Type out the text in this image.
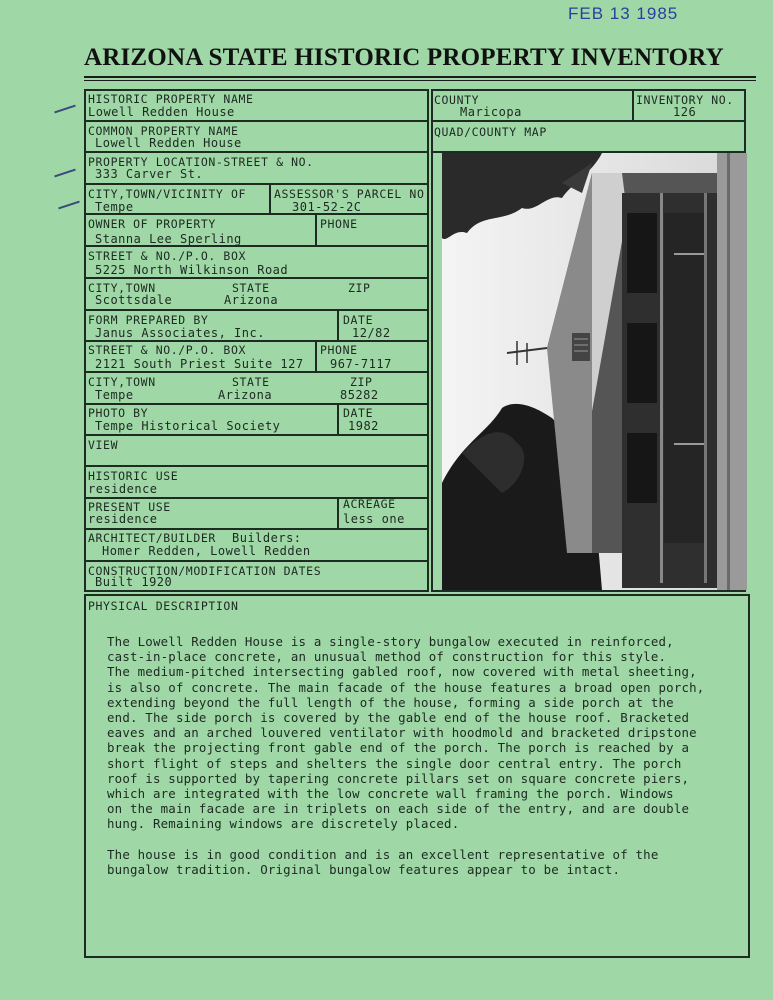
FEB 13 1985
ARIZONA STATE HISTORIC PROPERTY INVENTORY
HISTORIC PROPERTY NAME
Lowell Redden House
COMMON PROPERTY NAME
Lowell Redden House
PROPERTY LOCATION-STREET & NO.
333 Carver St.
CITY,TOWN/VICINITY OF
Tempe
ASSESSOR'S PARCEL NO.
301-52-2C
OWNER OF PROPERTY
Stanna Lee Sperling
PHONE
STREET & NO./P.O. BOX
5225 North Wilkinson Road
CITY,TOWN
Scottsdale
STATE
Arizona
ZIP
FORM PREPARED BY
Janus Associates, Inc.
DATE
12/82
STREET & NO./P.O. BOX
2121 South Priest Suite 127
PHONE
967-7117
CITY,TOWN
Tempe
STATE
Arizona
ZIP
85282
PHOTO BY
Tempe Historical Society
DATE
1982
VIEW
HISTORIC USE
residence
PRESENT USE
residence
ACREAGE
less one
ARCHITECT/BUILDER Builders:
Homer Redden, Lowell Redden
CONSTRUCTION/MODIFICATION DATES
Built 1920
COUNTY
Maricopa
INVENTORY NO.
126
QUAD/COUNTY MAP
PHYSICAL DESCRIPTION
The Lowell Redden House is a single-story bungalow executed in reinforced,
cast-in-place concrete, an unusual method of construction for this style.
The medium-pitched intersecting gabled roof, now covered with metal sheeting,
is also of concrete. The main facade of the house features a broad open porch,
extending beyond the full length of the house, forming a side porch at the
end. The side porch is covered by the gable end of the house roof. Bracketed
eaves and an arched louvered ventilator with hoodmold and bracketed dripstone
break the projecting front gable end of the porch. The porch is reached by a
short flight of steps and shelters the single door central entry. The porch
roof is supported by tapering concrete pillars set on square concrete piers,
which are integrated with the low concrete wall framing the porch. Windows
on the main facade are in triplets on each side of the entry, and are double
hung. Remaining windows are discretely placed.

The house is in good condition and is an excellent representative of the
bungalow tradition. Original bungalow features appear to be intact.
